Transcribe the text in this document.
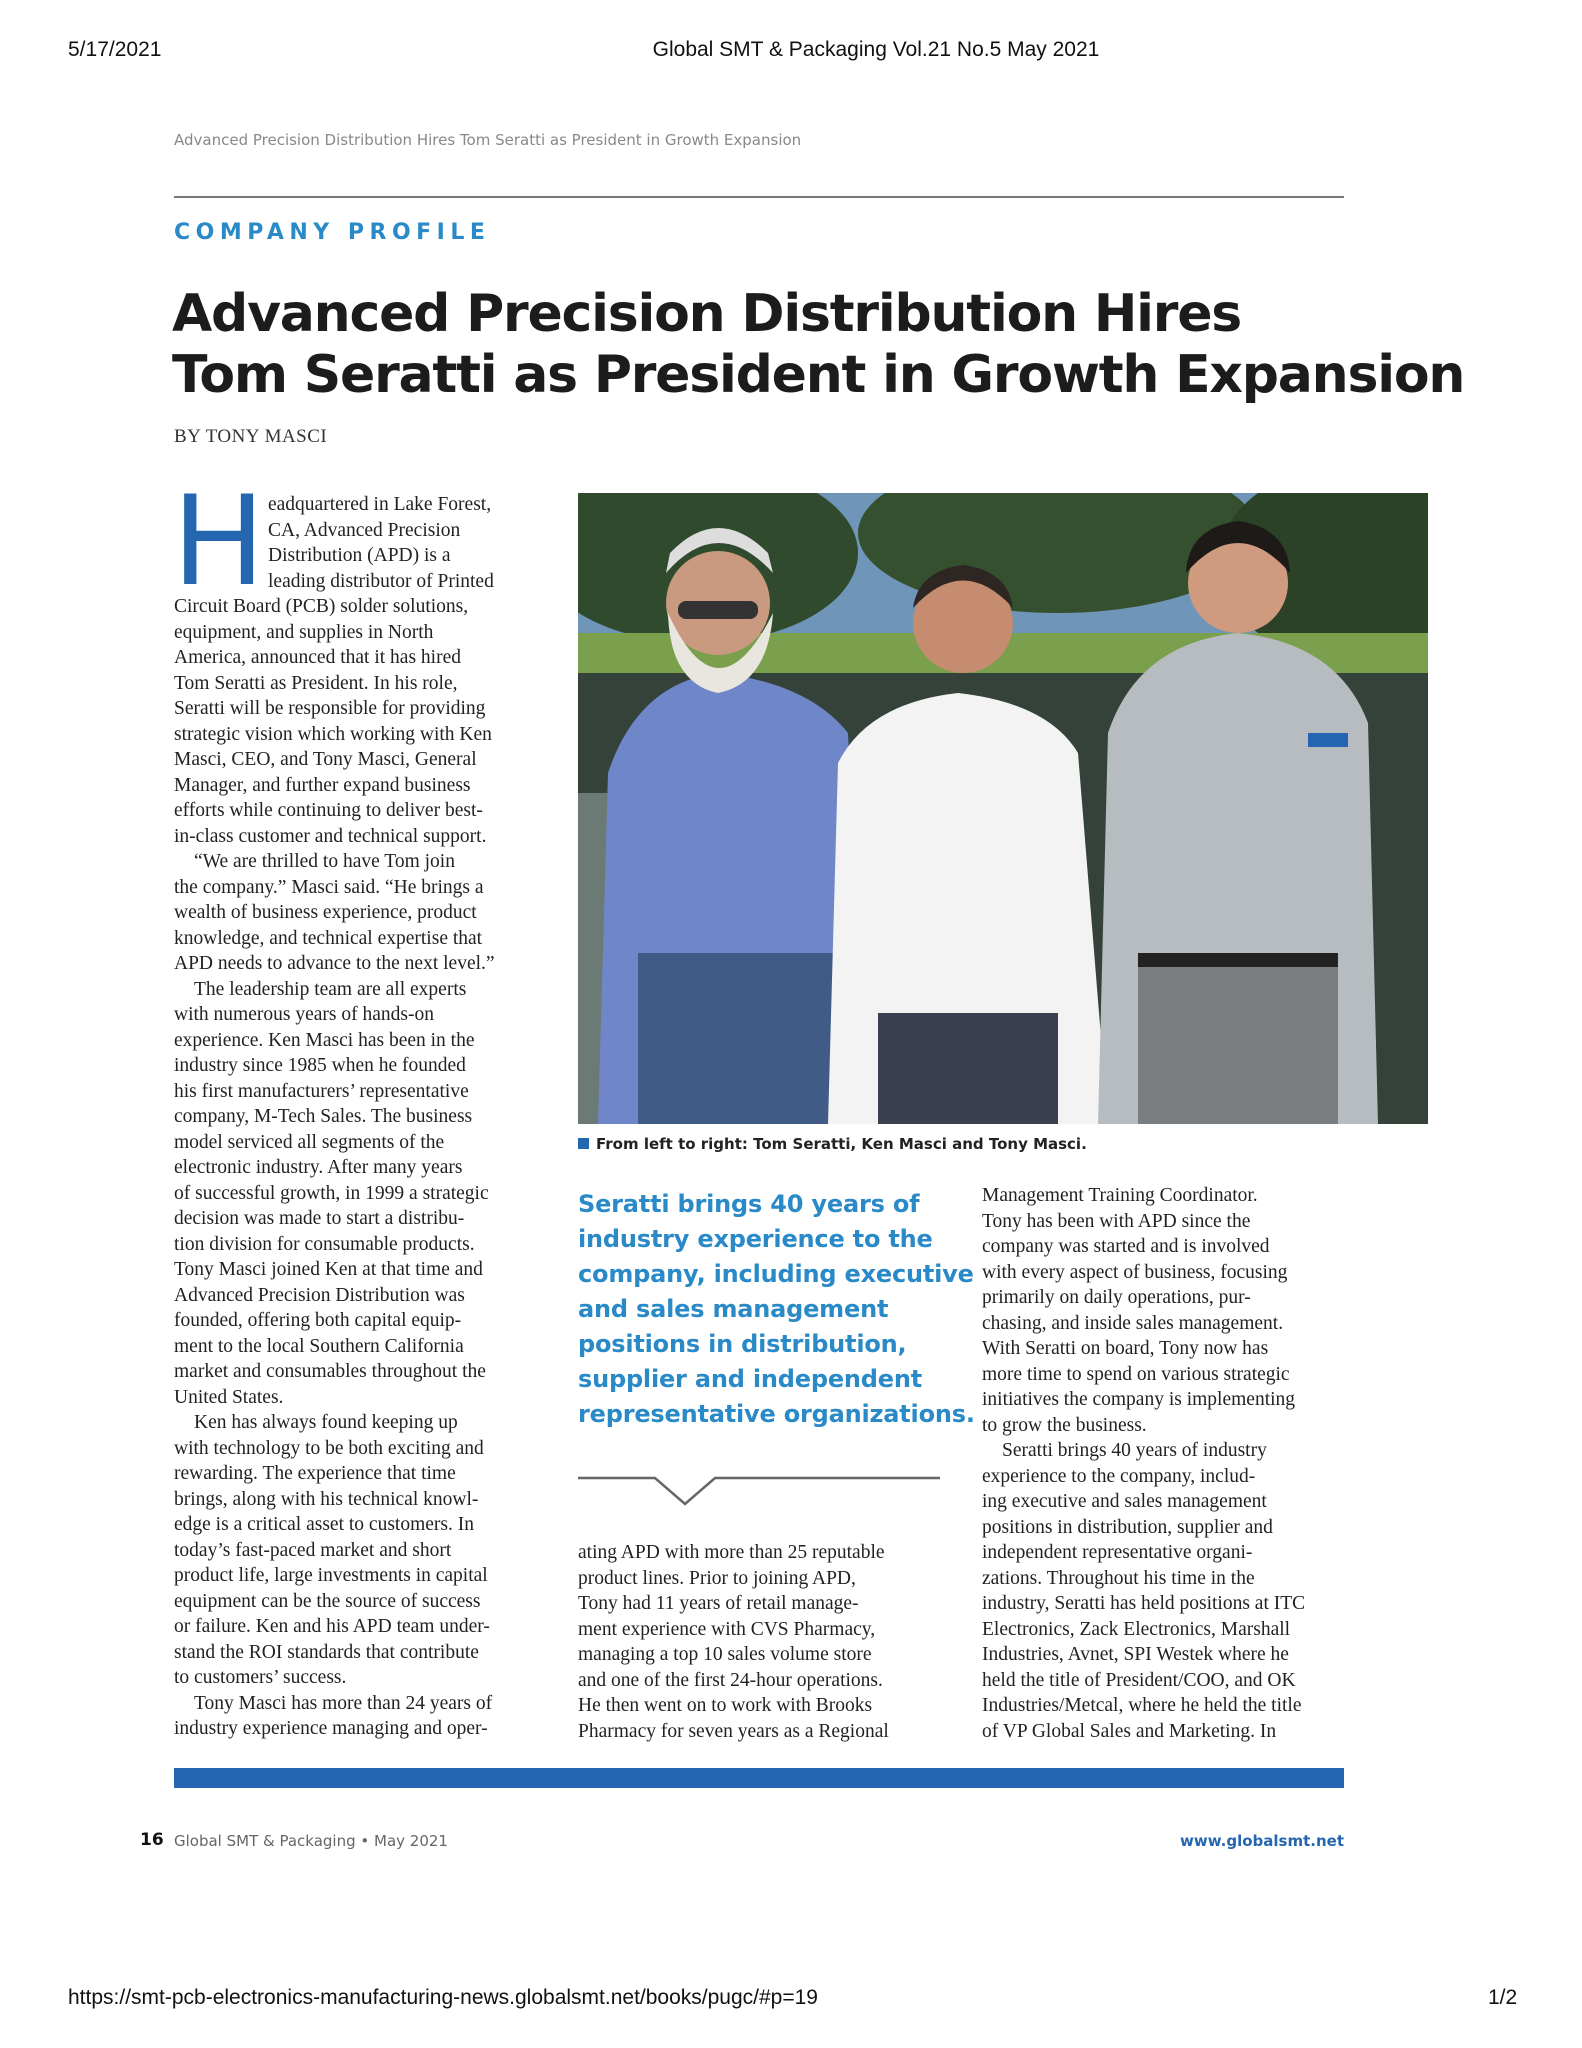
5/17/2021	Global SMT & Packaging Vol.21 No.5 May 2021
Advanced Precision Distribution Hires Tom Seratti as President in Growth Expansion
COMPANY PROFILE
Advanced Precision Distribution Hires
Tom Seratti as President in Growth Expansion
BY TONY MASCI
H eadquartered in Lake Forest,
CA, Advanced Precision
Distribution (APD) is a
leading distributor of Printed
Circuit Board (PCB) solder solutions,
equipment, and supplies in North
America, announced that it has hired
Tom Seratti as President. In his role,
Seratti will be responsible for providing
strategic vision which working with Ken
Masci, CEO, and Tony Masci, General
Manager, and further expand business
efforts while continuing to deliver best-
in-class customer and technical support.
“We are thrilled to have Tom join
the company.” Masci said. “He brings a
wealth of business experience, product
knowledge, and technical expertise that
APD needs to advance to the next level.”
The leadership team are all experts
with numerous years of hands-on
experience. Ken Masci has been in the
industry since 1985 when he founded
his first manufacturers’ representative
company, M-Tech Sales. The business
model serviced all segments of the
electronic industry. After many years
of successful growth, in 1999 a strategic
decision was made to start a distribu-
tion division for consumable products.
Tony Masci joined Ken at that time and
Advanced Precision Distribution was
founded, offering both capital equip-
ment to the local Southern California
market and consumables throughout the
United States.
Ken has always found keeping up
with technology to be both exciting and
rewarding. The experience that time
brings, along with his technical knowl-
edge is a critical asset to customers. In
today’s fast-paced market and short
product life, large investments in capital
equipment can be the source of success
or failure. Ken and his APD team under-
stand the ROI standards that contribute
to customers’ success.
Tony Masci has more than 24 years of
industry experience managing and oper-
From left to right: Tom Seratti, Ken Masci and Tony Masci.
Seratti brings 40 years of
industry experience to the
company, including executive
and sales management
positions in distribution,
supplier and independent
representative organizations.
ating APD with more than 25 reputable
product lines. Prior to joining APD,
Tony had 11 years of retail manage-
ment experience with CVS Pharmacy,
managing a top 10 sales volume store
and one of the first 24-hour operations.
He then went on to work with Brooks
Pharmacy for seven years as a Regional
Management Training Coordinator.
Tony has been with APD since the
company was started and is involved
with every aspect of business, focusing
primarily on daily operations, pur-
chasing, and inside sales management.
With Seratti on board, Tony now has
more time to spend on various strategic
initiatives the company is implementing
to grow the business.
Seratti brings 40 years of industry
experience to the company, includ-
ing executive and sales management
positions in distribution, supplier and
independent representative organi-
zations. Throughout his time in the
industry, Seratti has held positions at ITC
Electronics, Zack Electronics, Marshall
Industries, Avnet, SPI Westek where he
held the title of President/COO, and OK
Industries/Metcal, where he held the title
of VP Global Sales and Marketing. In
16 Global SMT & Packaging • May 2021	www.globalsmt.net
https://smt-pcb-electronics-manufacturing-news.globalsmt.net/books/pugc/#p=19	1/2
